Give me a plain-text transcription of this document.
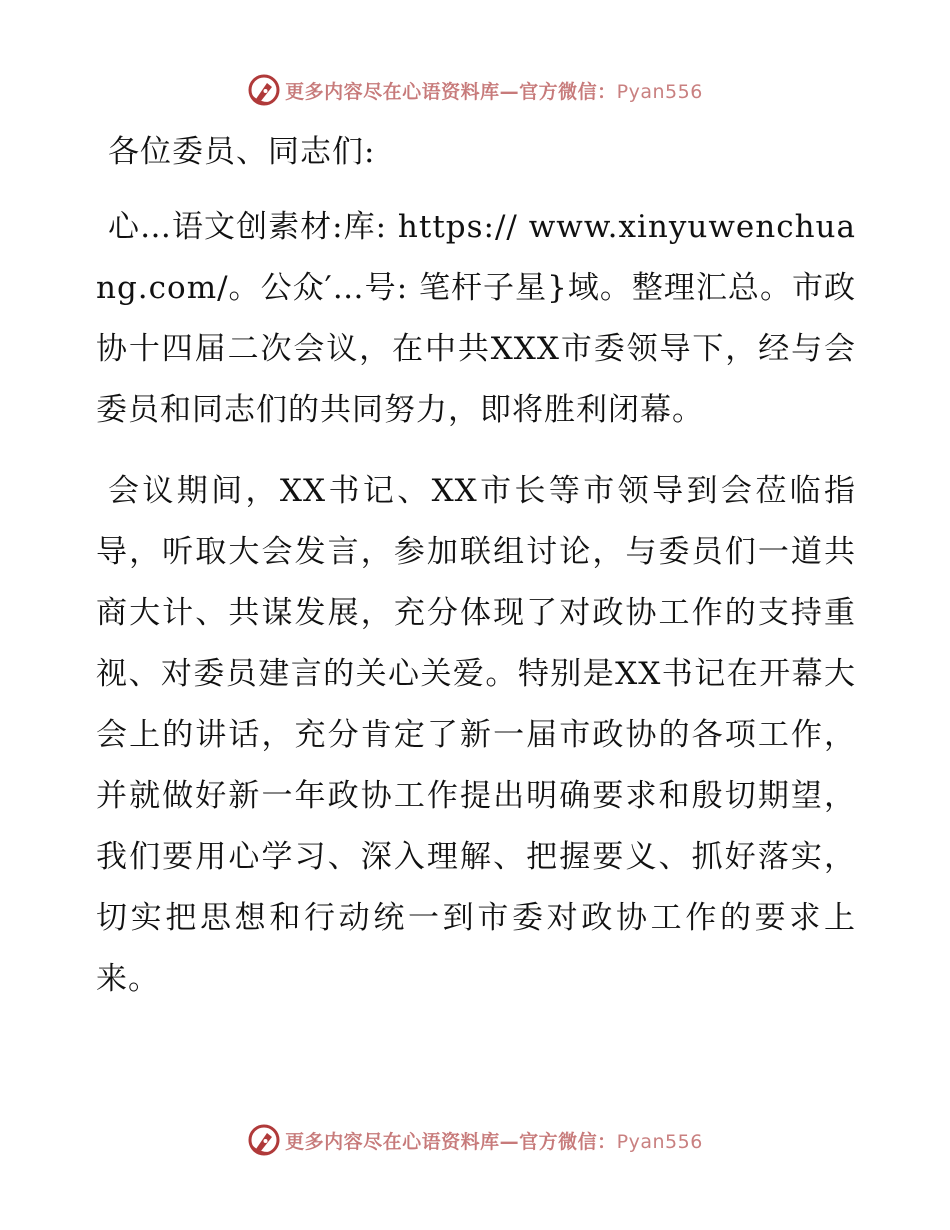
更多内容尽在心语资料库—官方微信：Pyan556

各位委员、同志们:

心…语文创素材:库: https:// www.xinyuwenchuang.com/。公众′…号: 笔杆子星}域。整理汇总。市政协十四届二次会议，在中共XXX市委领导下，经与会委员和同志们的共同努力，即将胜利闭幕。

会议期间，XX书记、XX市长等市领导到会莅临指导，听取大会发言，参加联组讨论，与委员们一道共商大计、共谋发展，充分体现了对政协工作的支持重视、对委员建言的关心关爱。特别是XX书记在开幕大会上的讲话，充分肯定了新一届市政协的各项工作，并就做好新一年政协工作提出明确要求和殷切期望，我们要用心学习、深入理解、把握要义、抓好落实，切实把思想和行动统一到市委对政协工作的要求上来。

更多内容尽在心语资料库—官方微信：Pyan556
